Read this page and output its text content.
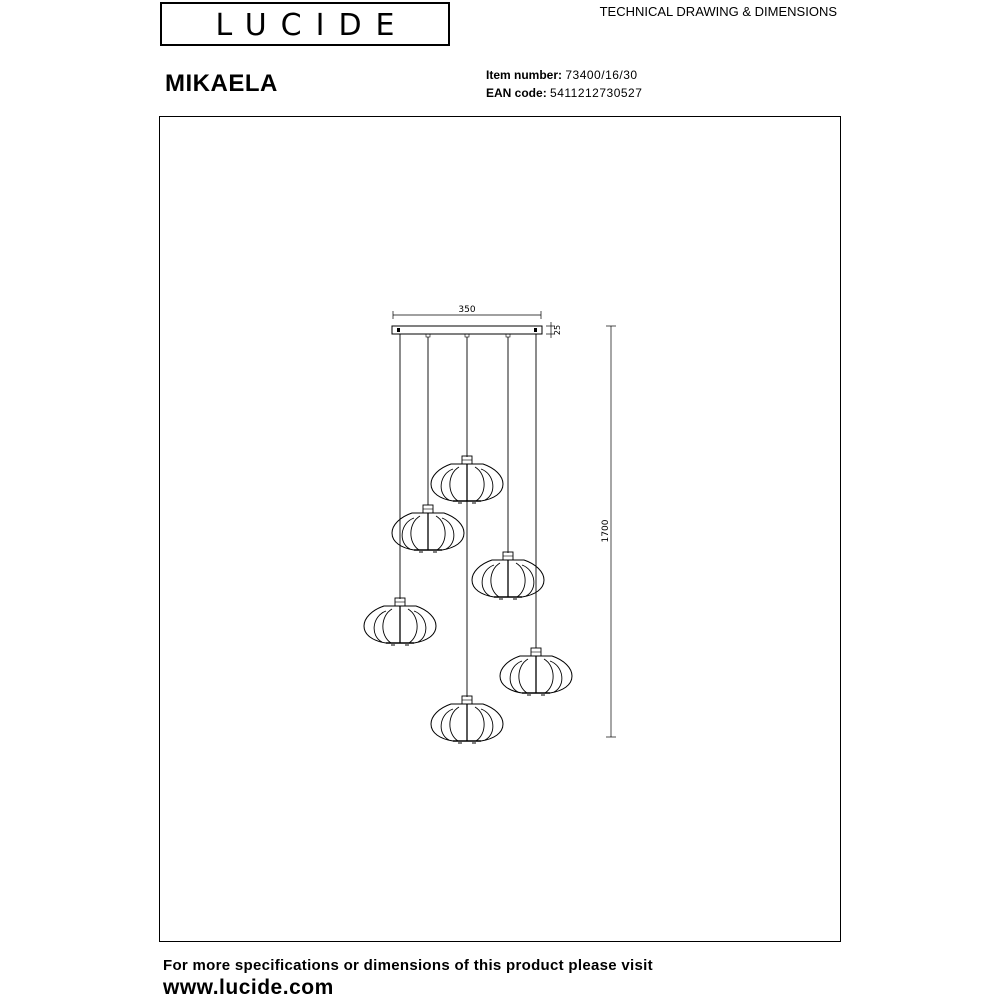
LUCIDE	TECHNICAL DRAWING & DIMENSIONS
MIKAELA	Item number: 73400/16/30
EAN code: 5411212730527
350
25
1700
For more specifications or dimensions of this product please visit
www.lucide.com
